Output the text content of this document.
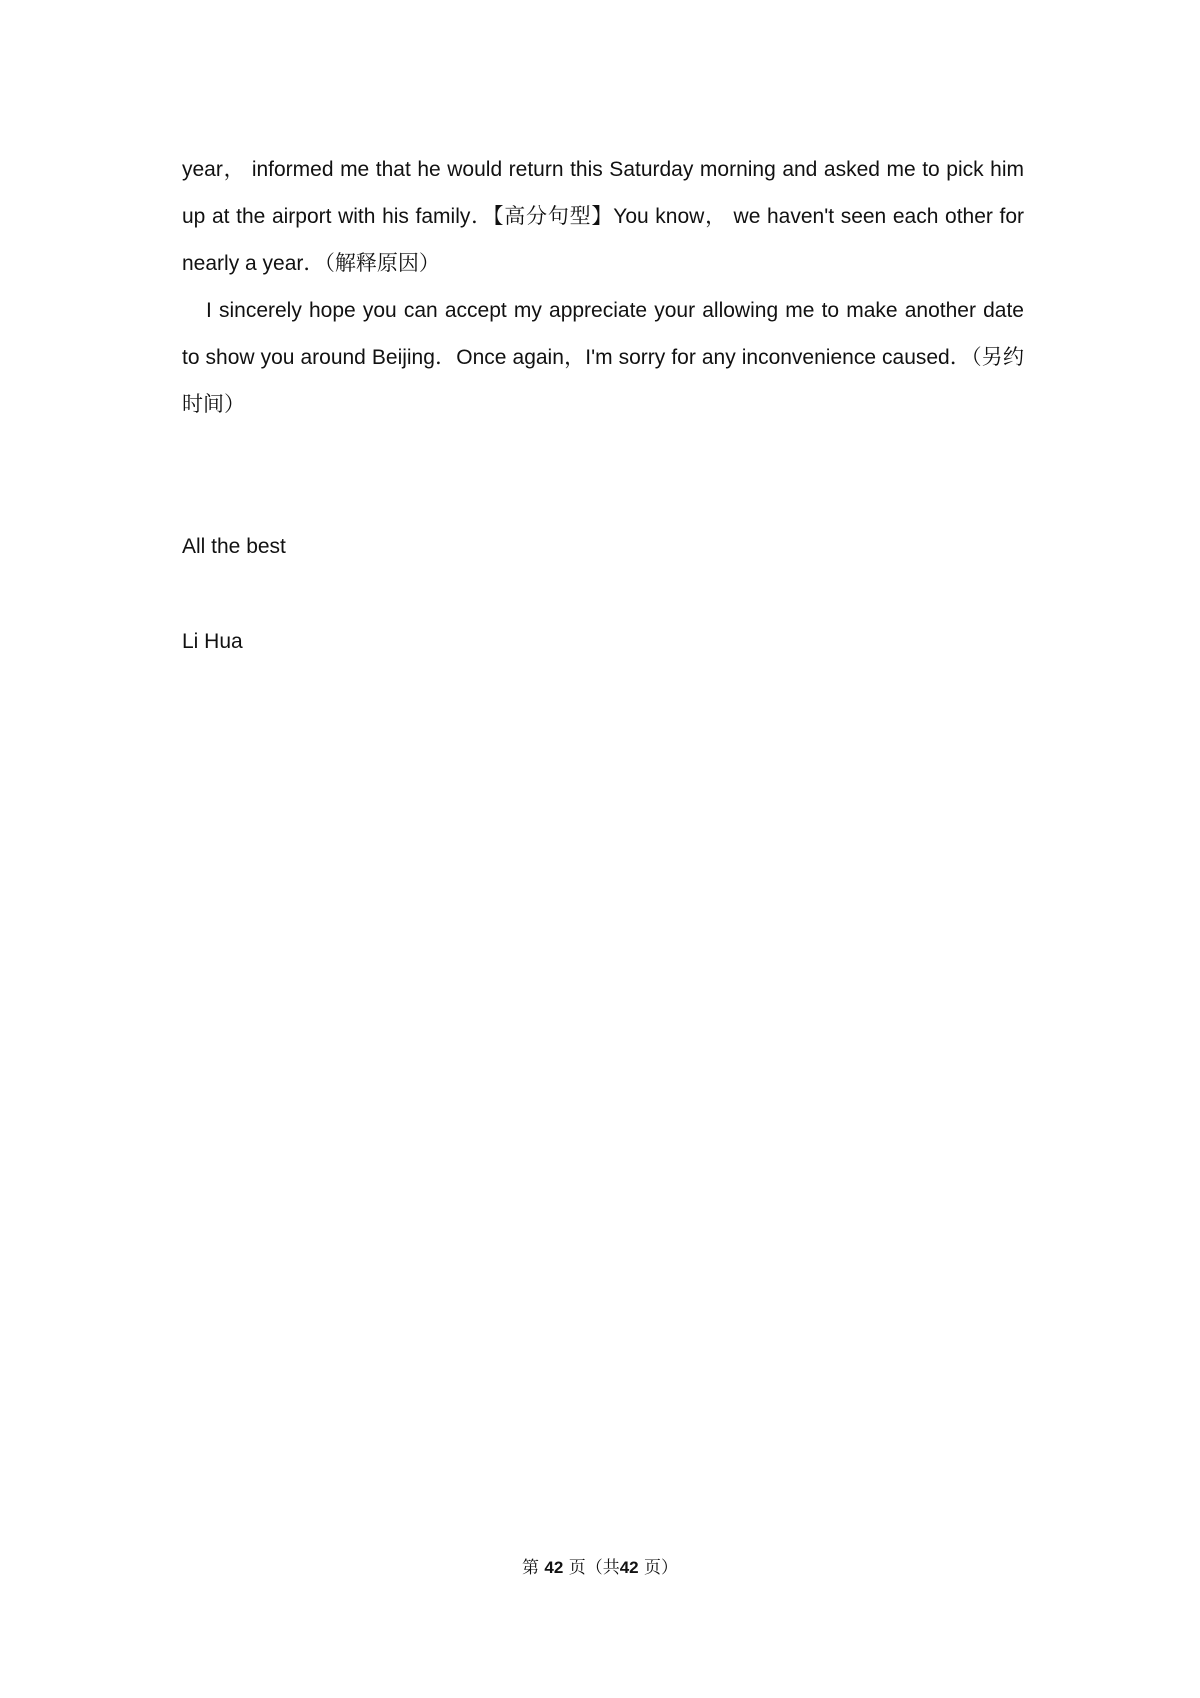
year， informed me that he would return this Saturday morning and asked me to pick him up at the airport with his family．【高分句型】You know， we haven't seen each other for nearly a year．（解释原因）

I sincerely hope you can accept my appreciate your allowing me to make another date to show you around Beijing．Once again，I'm sorry for any inconvenience caused．（另约时间）

All the best

Li Hua

第 42 页（共42 页）
